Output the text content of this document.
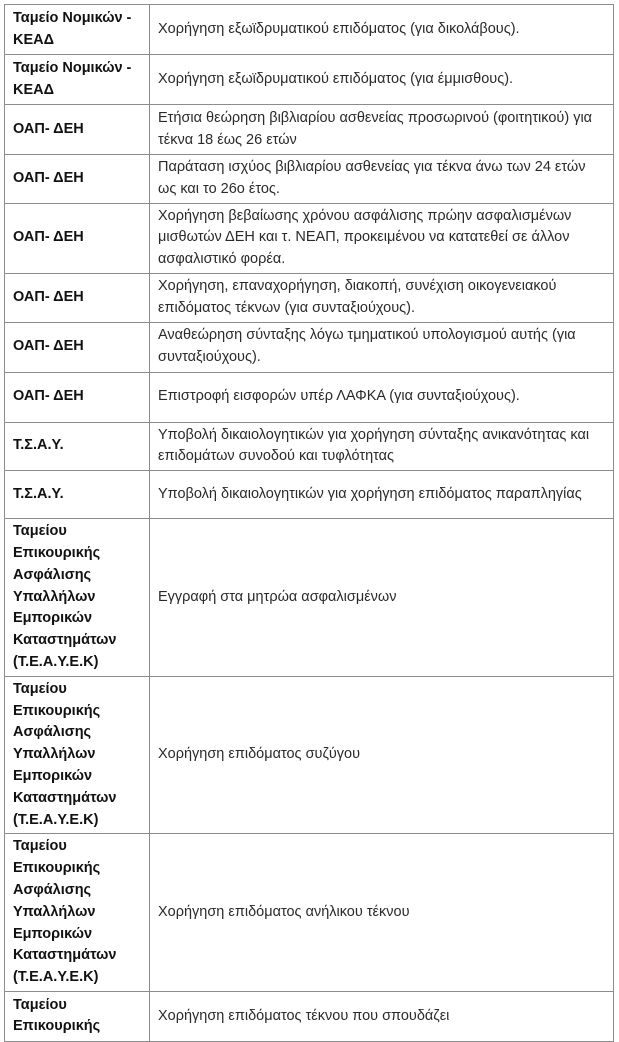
Ταμείο Νομικών - ΚΕΑΔ	Χορήγηση εξωϊδρυματικού επιδόματος (για δικολάβους).
Ταμείο Νομικών - ΚΕΑΔ	Χορήγηση εξωϊδρυματικού επιδόματος (για έμμισθους).
ΟΑΠ- ΔΕΗ	Ετήσια θεώρηση βιβλιαρίου ασθενείας προσωρινού (φοιτητικού) για τέκνα 18 έως 26 ετών
ΟΑΠ- ΔΕΗ	Παράταση ισχύος βιβλιαρίου ασθενείας για τέκνα άνω των 24 ετών ως και το 26ο έτος.
ΟΑΠ- ΔΕΗ	Χορήγηση βεβαίωσης χρόνου ασφάλισης πρώην ασφαλισμένων μισθωτών ΔΕΗ και τ. ΝΕΑΠ, προκειμένου να κατατεθεί σε άλλον ασφαλιστικό φορέα.
ΟΑΠ- ΔΕΗ	Χορήγηση, επαναχορήγηση, διακοπή, συνέχιση οικογενειακού επιδόματος τέκνων (για συνταξιούχους).
ΟΑΠ- ΔΕΗ	Αναθεώρηση σύνταξης λόγω τμηματικού υπολογισμού αυτής (για συνταξιούχους).
ΟΑΠ- ΔΕΗ	Επιστροφή εισφορών υπέρ ΛΑΦΚΑ (για συνταξιούχους).
Τ.Σ.Α.Υ.	Υποβολή δικαιολογητικών για χορήγηση σύνταξης ανικανότητας και επιδομάτων συνοδού και τυφλότητας
Τ.Σ.Α.Υ.	Υποβολή δικαιολογητικών για χορήγηση επιδόματος παραπληγίας
Ταμείου Επικουρικής Ασφάλισης Υπαλλήλων Εμπορικών Καταστημάτων (Τ.Ε.Α.Υ.Ε.Κ)	Εγγραφή στα μητρώα ασφαλισμένων
Ταμείου Επικουρικής Ασφάλισης Υπαλλήλων Εμπορικών Καταστημάτων (Τ.Ε.Α.Υ.Ε.Κ)	Χορήγηση επιδόματος συζύγου
Ταμείου Επικουρικής Ασφάλισης Υπαλλήλων Εμπορικών Καταστημάτων (Τ.Ε.Α.Υ.Ε.Κ)	Χορήγηση επιδόματος ανήλικου τέκνου
Ταμείου Επικουρικής	Χορήγηση επιδόματος τέκνου που σπουδάζει
